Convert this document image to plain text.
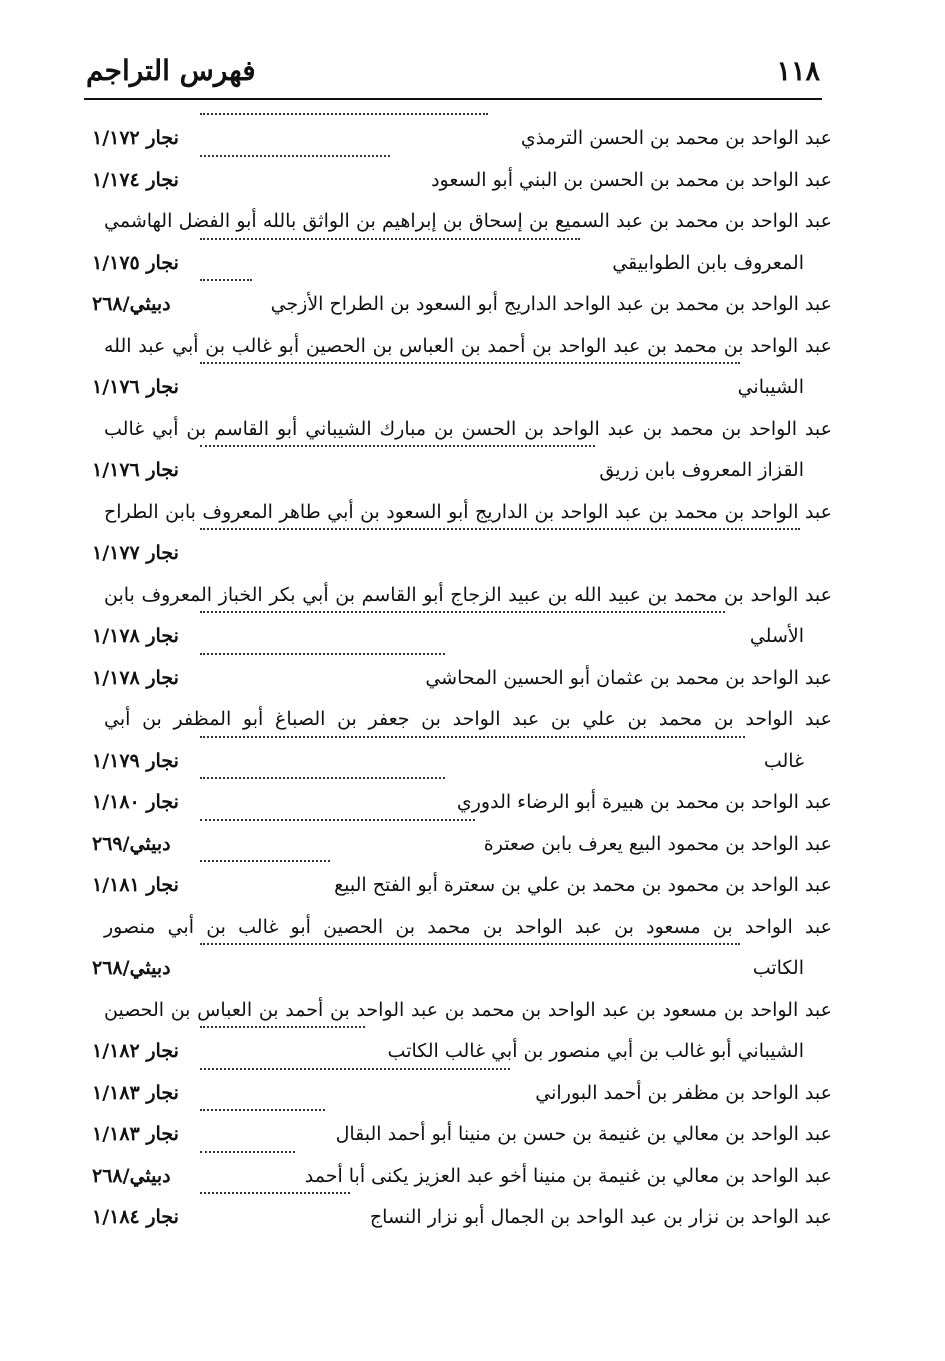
١١٨
فهرس التراجم
عبد الواحد بن محمد بن الحسن الترمذي
نجار ١/١٧٢
عبد الواحد بن محمد بن الحسن بن البني أبو السعود
نجار ١/١٧٤
عبد الواحد بن محمد بن عبد السميع بن إسحاق بن إبراهيم بن الواثق بالله أبو الفضل الهاشمي
المعروف بابن الطوابيقي
نجار ١/١٧٥
عبد الواحد بن محمد بن عبد الواحد الداريج أبو السعود بن الطراح الأزجي
دبيثي/٢٦٨
عبد الواحد بن محمد بن عبد الواحد بن أحمد بن العباس بن الحصين أبو غالب بن أبي عبد الله
الشيباني
نجار ١/١٧٦
عبد الواحد بن محمد بن عبد الواحد بن الحسن بن مبارك الشيباني أبو القاسم بن أبي غالب
القزاز المعروف بابن زريق
نجار ١/١٧٦
عبد الواحد بن محمد بن عبد الواحد بن الداريج أبو السعود بن أبي طاهر المعروف بابن الطراح
نجار ١/١٧٧
عبد الواحد بن محمد بن عبيد الله بن عبيد الزجاج أبو القاسم بن أبي بكر الخباز المعروف بابن
الأسلي
نجار ١/١٧٨
عبد الواحد بن محمد بن عثمان أبو الحسين المحاشي
نجار ١/١٧٨
عبد الواحد بن محمد بن علي بن عبد الواحد بن جعفر بن الصباغ أبو المظفر بن أبي
غالب
نجار ١/١٧٩
عبد الواحد بن محمد بن هبيرة أبو الرضاء الدوري
نجار ١/١٨٠
عبد الواحد بن محمود البيع يعرف بابن صعترة
دبيثي/٢٦٩
عبد الواحد بن محمود بن محمد بن علي بن سعترة أبو الفتح البيع
نجار ١/١٨١
عبد الواحد بن مسعود بن عبد الواحد بن محمد بن الحصين أبو غالب بن أبي منصور
الكاتب
دبيثي/٢٦٨
عبد الواحد بن مسعود بن عبد الواحد بن محمد بن عبد الواحد بن أحمد بن العباس بن الحصين
الشيباني أبو غالب بن أبي منصور بن أبي غالب الكاتب
نجار ١/١٨٢
عبد الواحد بن مظفر بن أحمد البوراني
نجار ١/١٨٣
عبد الواحد بن معالي بن غنيمة بن حسن بن منينا أبو أحمد البقال
نجار ١/١٨٣
عبد الواحد بن معالي بن غنيمة بن منينا أخو عبد العزيز يكنى أبا أحمد
دبيثي/٢٦٨
عبد الواحد بن نزار بن عبد الواحد بن الجمال أبو نزار النساج
نجار ١/١٨٤
